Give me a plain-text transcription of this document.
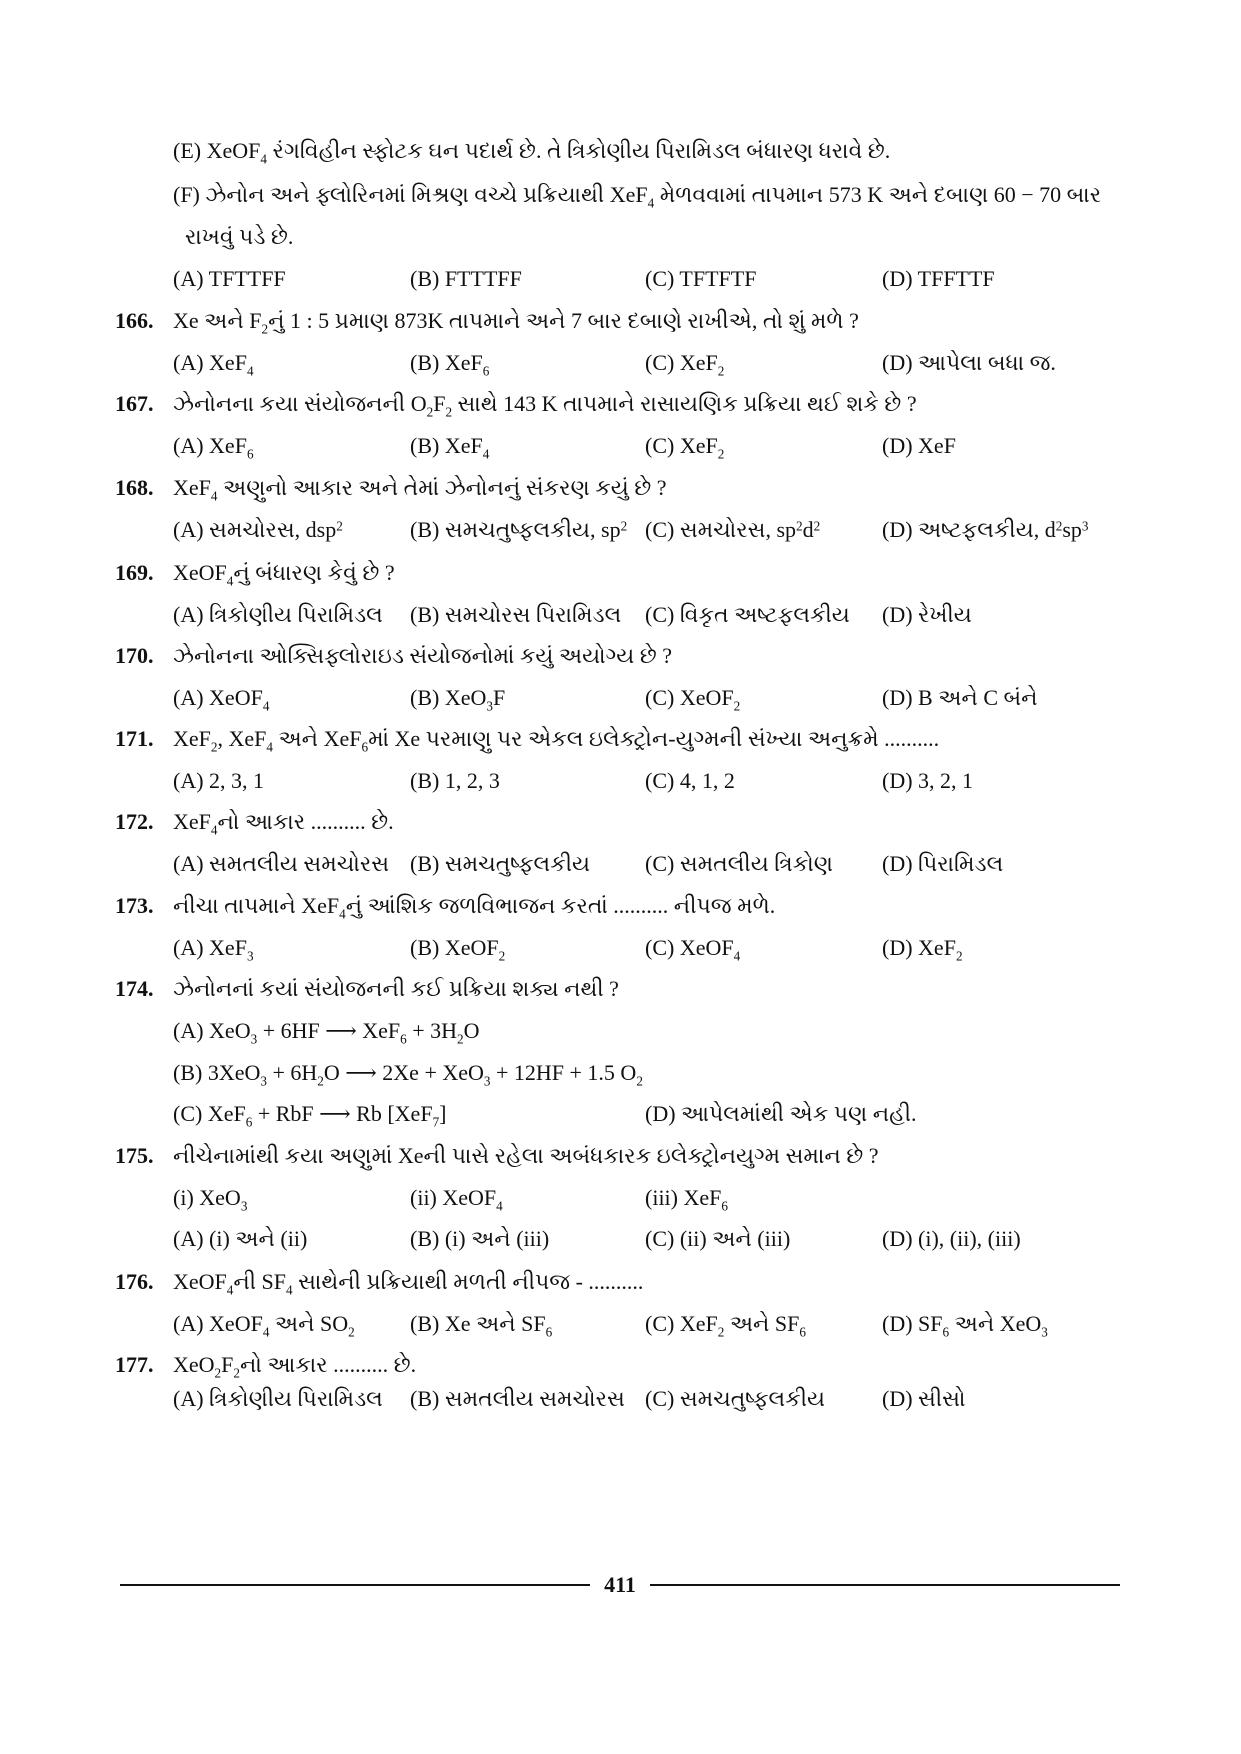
(E) XeOF$_4$ રંગવિહીન સ્ફોટક ઘન પદાર્થ છે. તે ત્રિકોણીય પિરામિડલ બંધારણ ધરાવે છે.
(F) ઝેનોન અને ફ્લોરિનમાં મિશ્રણ વચ્ચે પ્રક્રિયાથી XeF$_4$ મેળવવામાં તાપમાન 573 K અને દબાણ 60 − 70 બાર
રાખવું પડે છે.
(A) TFTTFF	(B) FTTTFF	(C) TFTFTF	(D) TFFTTF
166. Xe અને $F_2નું$ 1 : 5 પ્રમાણ 873K તાપમાને અને 7 બાર દબાણે રાખીએ, તો શું મળે ?
(A) XeF$_4$	(B) XeF$_6$	(C) XeF$_2$	(D) આપેલા બધા જ.
167. ઝેનોનના કયા સંયોજનની $O_2F_2$ સાથે 143 K તાપમાને રાસાયણિક પ્રક્રિયા થઈ શકે છે ?
(A) XeF$_6$	(B) XeF$_4$	(C) XeF$_2$	(D) XeF
168. XeF$_4$ અણુનો આકાર અને તેમાં ઝેનોનનું સંકરણ કયું છે ?
(A) સમચોરસ, dsp$^2$	(B) સમચતુષ્ફલકીય, $sp^2$ (C) સમચોરસ, $sp^2d^2$	(D) અષ્ટફલકીય, $d^2sp^3$
169. XeOF$_4$નું બંધારણ કેવું છે ?
(A) ત્રિકોણીય પિરામિડલ (B) સમચોરસ પિરામિડલ (C) વિકૃત અષ્ટફલકીય (D) રેખીય
170. ઝેનોનના ઓક્સિફ્લોરાઇડ સંયોજનોમાં કયું અયોગ્ય છે ?
(A) XeOF$_4$	(B) XeO$_3$F	(C) XeOF$_2$	(D) B અને C બંને
171. XeF$_2$, XeF$_4$ અને XeF$_6$માં Xe પરમાણુ પર એકલ ઇલેક્ટ્રોન-યુગ્મની સંખ્યા અનુક્રમે ..........
(A) 2, 3, 1	(B) 1, 2, 3	(C) 4, 1, 2	(D) 3, 2, 1
172. XeF$_4$નો આકાર .......... છે.
(A) સમતલીય સમચોરસ (B) સમચતુષ્ફલકીય (C) સમતલીય ત્રિકોણ (D) પિરામિડલ
173. નીચા તાપમાને XeF$_4$નું આંશિક જળવિભાજન કરતાં .......... નીપજ મળે.
(A) XeF$_3$	(B) XeOF$_2$	(C) XeOF$_4$	(D) XeF$_2$
174. ઝેનોનનાં કયાં સંયોજનની કઈ પ્રક્રિયા શક્ય નથી ?
(A) XeO$_3$ + 6HF ⟶ $XeF_6 + 3H_2O$
(B) $3XeO_3 + 6H_2O$ ⟶ 2Xe + XeO$_3$ + 12HF + 1.5 $O_2$
(C) XeF$_6$ + RbF ⟶ Rb [XeF$_7$]	(D) આપેલમાંથી એક પણ નહી.
175. નીચેનામાંથી કયા અણુમાં Xeની પાસે રહેલા અબંધકારક ઇલેક્ટ્રોનયુગ્મ સમાન છે ?
(i) XeO$_3$	(ii) XeOF$_4$	(iii) XeF$_6$
(A) (i) અને (ii)	(B) (i) અને (iii)	(C) (ii) અને (iii)	(D) (i), (ii), (iii)
176. XeOF$_4$ની $SF_4$ સાથેની પ્રક્રિયાથી મળતી નીપજ - ..........
(A) XeOF$_4$ અને $SO_2$	(B) Xe અને $SF_6$	(C) XeF$_2$ અને $SF_6$	(D) $SF_6$ અને XeO$_3$
177. $XeO_2F_2નો$ આકાર .......... છે.
(A) ત્રિકોણીય પિરામિડલ (B) સમતલીય સમચોરસ (C) સમચતુષ્ફલકીય	(D) સીસો
411
